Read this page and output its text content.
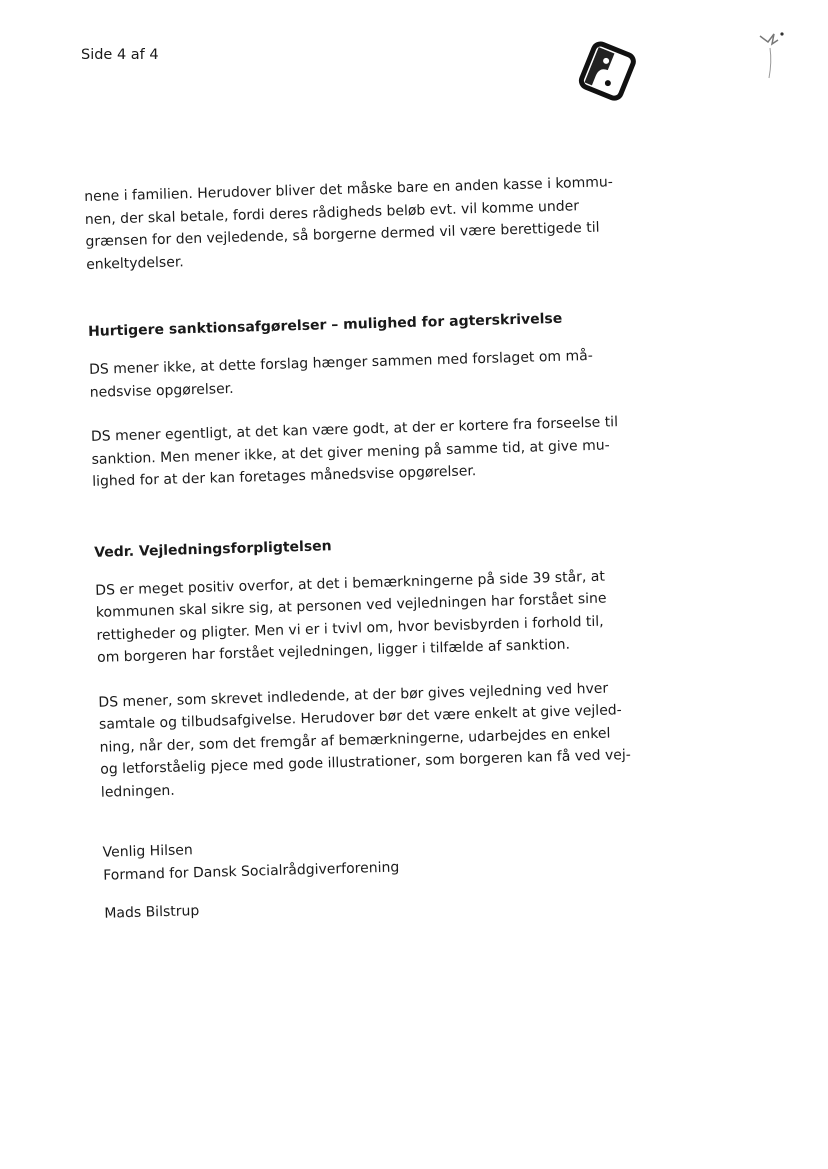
Side 4 af 4

nene i familien. Herudover bliver det måske bare en anden kasse i kommu-
nen, der skal betale, fordi deres rådigheds beløb evt. vil komme under
grænsen for den vejledende, så borgerne dermed vil være berettigede til
enkeltydelser.

Hurtigere sanktionsafgørelser – mulighed for agterskrivelse

DS mener ikke, at dette forslag hænger sammen med forslaget om må-
nedsvise opgørelser.

DS mener egentligt, at det kan være godt, at der er kortere fra forseelse til
sanktion. Men mener ikke, at det giver mening på samme tid, at give mu-
lighed for at der kan foretages månedsvise opgørelser.

Vedr. Vejledningsforpligtelsen

DS er meget positiv overfor, at det i bemærkningerne på side 39 står, at
kommunen skal sikre sig, at personen ved vejledningen har forstået sine
rettigheder og pligter. Men vi er i tvivl om, hvor bevisbyrden i forhold til,
om borgeren har forstået vejledningen, ligger i tilfælde af sanktion.

DS mener, som skrevet indledende, at der bør gives vejledning ved hver
samtale og tilbudsafgivelse. Herudover bør det være enkelt at give vejled-
ning, når der, som det fremgår af bemærkningerne, udarbejdes en enkel
og letforståelig pjece med gode illustrationer, som borgeren kan få ved vej-
ledningen.

Venlig Hilsen
Formand for Dansk Socialrådgiverforening

Mads Bilstrup
